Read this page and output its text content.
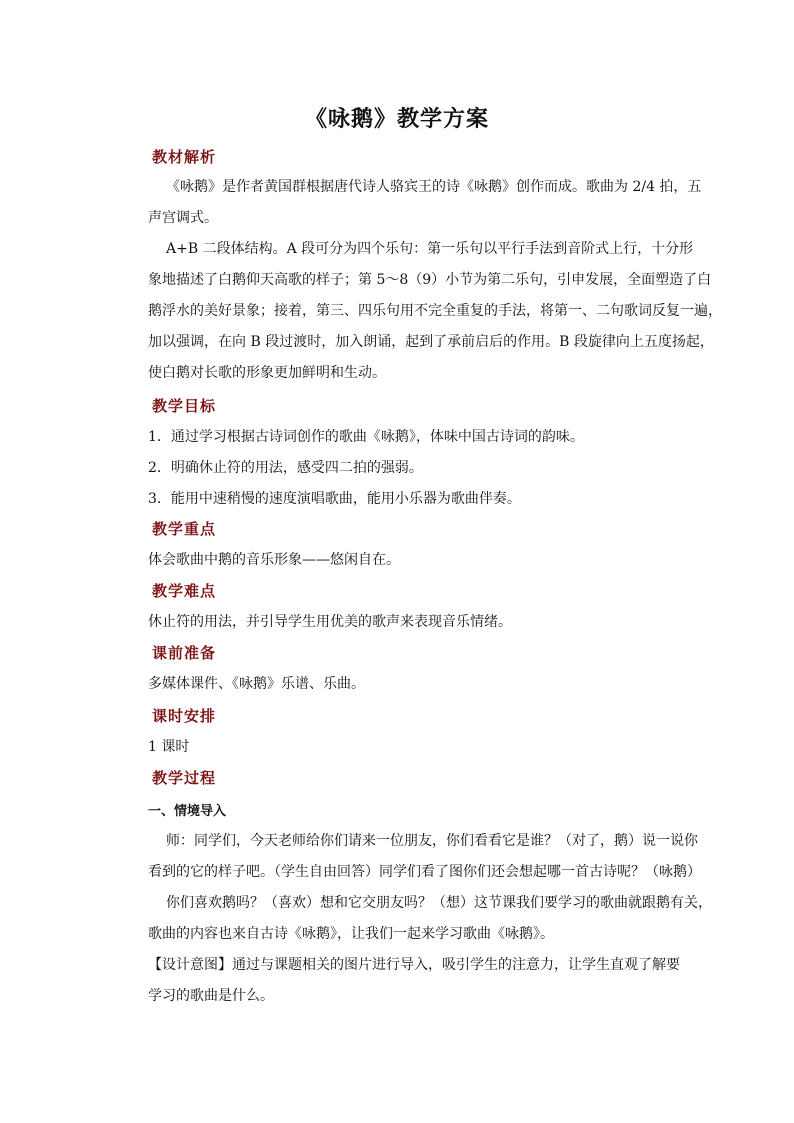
《咏鹅》教学方案
教材解析
《咏鹅》是作者黄国群根据唐代诗人骆宾王的诗《咏鹅》创作而成。歌曲为 2/4 拍，五
声宫调式。
A+B 二段体结构。A 段可分为四个乐句：第一乐句以平行手法到音阶式上行，十分形
象地描述了白鹅仰天高歌的样子；第 5～8（9）小节为第二乐句，引申发展，全面塑造了白
鹅浮水的美好景象；接着，第三、四乐句用不完全重复的手法，将第一、二句歌词反复一遍，
加以强调，在向 B 段过渡时，加入朗诵，起到了承前启后的作用。B 段旋律向上五度扬起，
使白鹅对长歌的形象更加鲜明和生动。
教学目标
1．通过学习根据古诗词创作的歌曲《咏鹅》，体味中国古诗词的韵味。
2．明确休止符的用法，感受四二拍的强弱。
3．能用中速稍慢的速度演唱歌曲，能用小乐器为歌曲伴奏。
教学重点
体会歌曲中鹅的音乐形象——悠闲自在。
教学难点
休止符的用法，并引导学生用优美的歌声来表现音乐情绪。
课前准备
多媒体课件、《咏鹅》乐谱、乐曲。
课时安排
1 课时
教学过程
一、情境导入
师：同学们，今天老师给你们请来一位朋友，你们看看它是谁？（对了，鹅）说一说你
看到的它的样子吧。（学生自由回答）同学们看了图你们还会想起哪一首古诗呢？（咏鹅）
你们喜欢鹅吗？（喜欢）想和它交朋友吗？（想）这节课我们要学习的歌曲就跟鹅有关，
歌曲的内容也来自古诗《咏鹅》，让我们一起来学习歌曲《咏鹅》。
【设计意图】通过与课题相关的图片进行导入，吸引学生的注意力，让学生直观了解要
学习的歌曲是什么。
